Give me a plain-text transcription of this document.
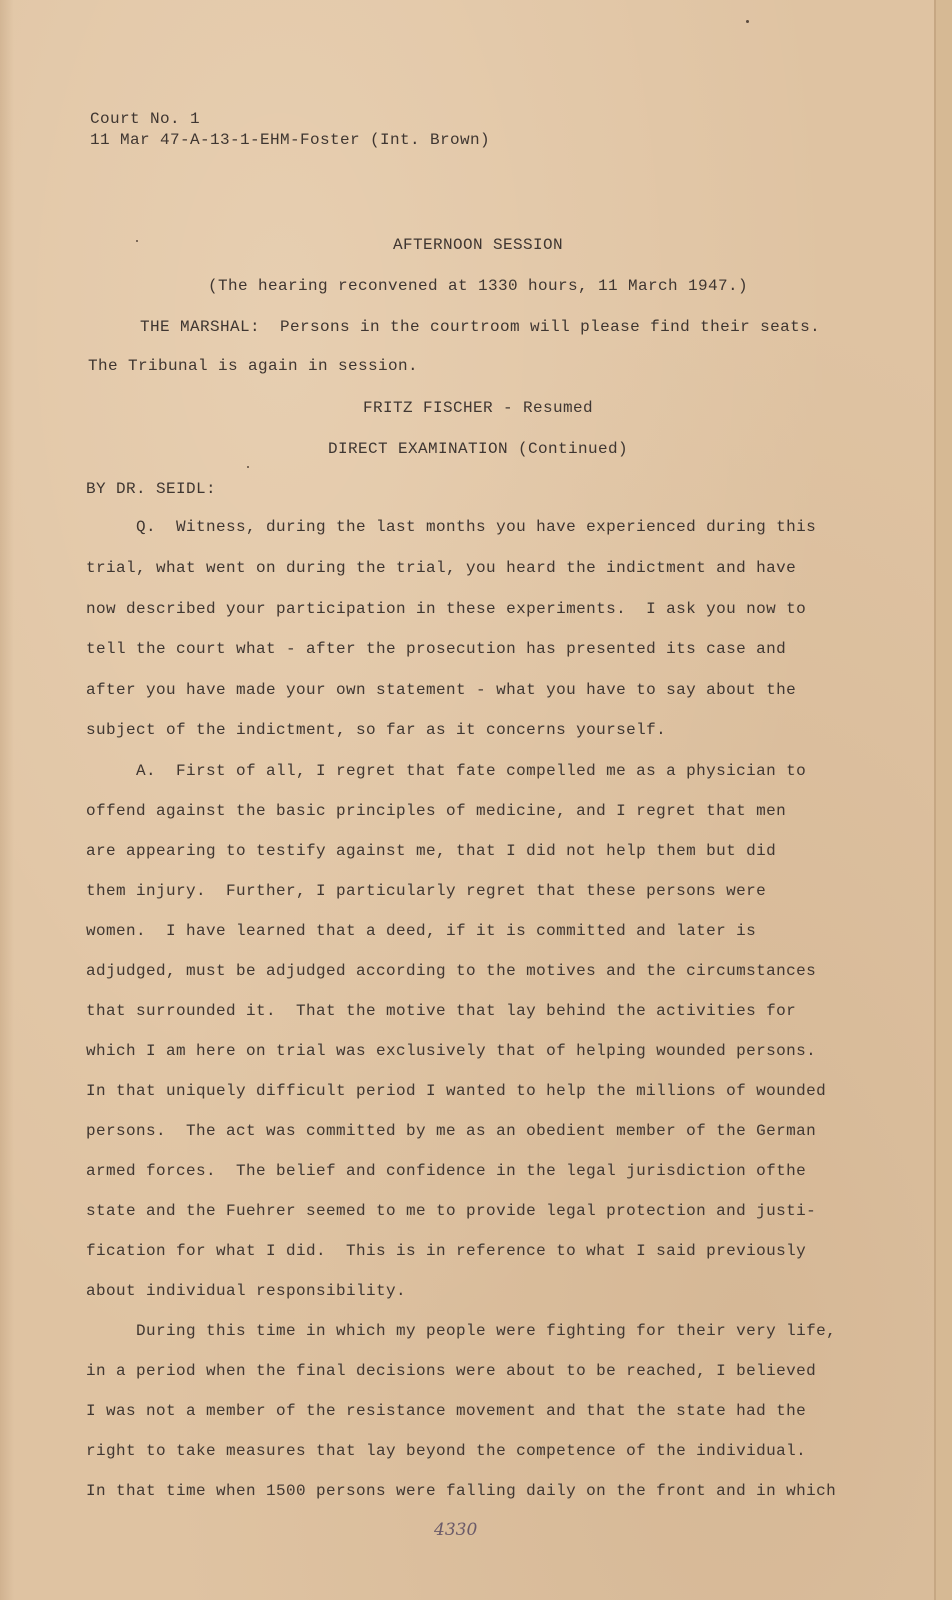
Court No. 1
11 Mar 47-A-13-1-EHM-Foster (Int. Brown)
AFTERNOON SESSION
(The hearing reconvened at 1330 hours, 11 March 1947.)
THE MARSHAL:  Persons in the courtroom will please find their seats.
The Tribunal is again in session.
FRITZ FISCHER - Resumed
DIRECT EXAMINATION (Continued)
BY DR. SEIDL:
Q.  Witness, during the last months you have experienced during this
trial, what went on during the trial, you heard the indictment and have
now described your participation in these experiments.  I ask you now to
tell the court what - after the prosecution has presented its case and
after you have made your own statement - what you have to say about the
subject of the indictment, so far as it concerns yourself.
A.  First of all, I regret that fate compelled me as a physician to
offend against the basic principles of medicine, and I regret that men
are appearing to testify against me, that I did not help them but did
them injury.  Further, I particularly regret that these persons were
women.  I have learned that a deed, if it is committed and later is
adjudged, must be adjudged according to the motives and the circumstances
that surrounded it.  That the motive that lay behind the activities for
which I am here on trial was exclusively that of helping wounded persons.
In that uniquely difficult period I wanted to help the millions of wounded
persons.  The act was committed by me as an obedient member of the German
armed forces.  The belief and confidence in the legal jurisdiction ofthe
state and the Fuehrer seemed to me to provide legal protection and justi-
fication for what I did.  This is in reference to what I said previously
about individual responsibility.
During this time in which my people were fighting for their very life,
in a period when the final decisions were about to be reached, I believed
I was not a member of the resistance movement and that the state had the
right to take measures that lay beyond the competence of the individual.
In that time when 1500 persons were falling daily on the front and in which
4330
